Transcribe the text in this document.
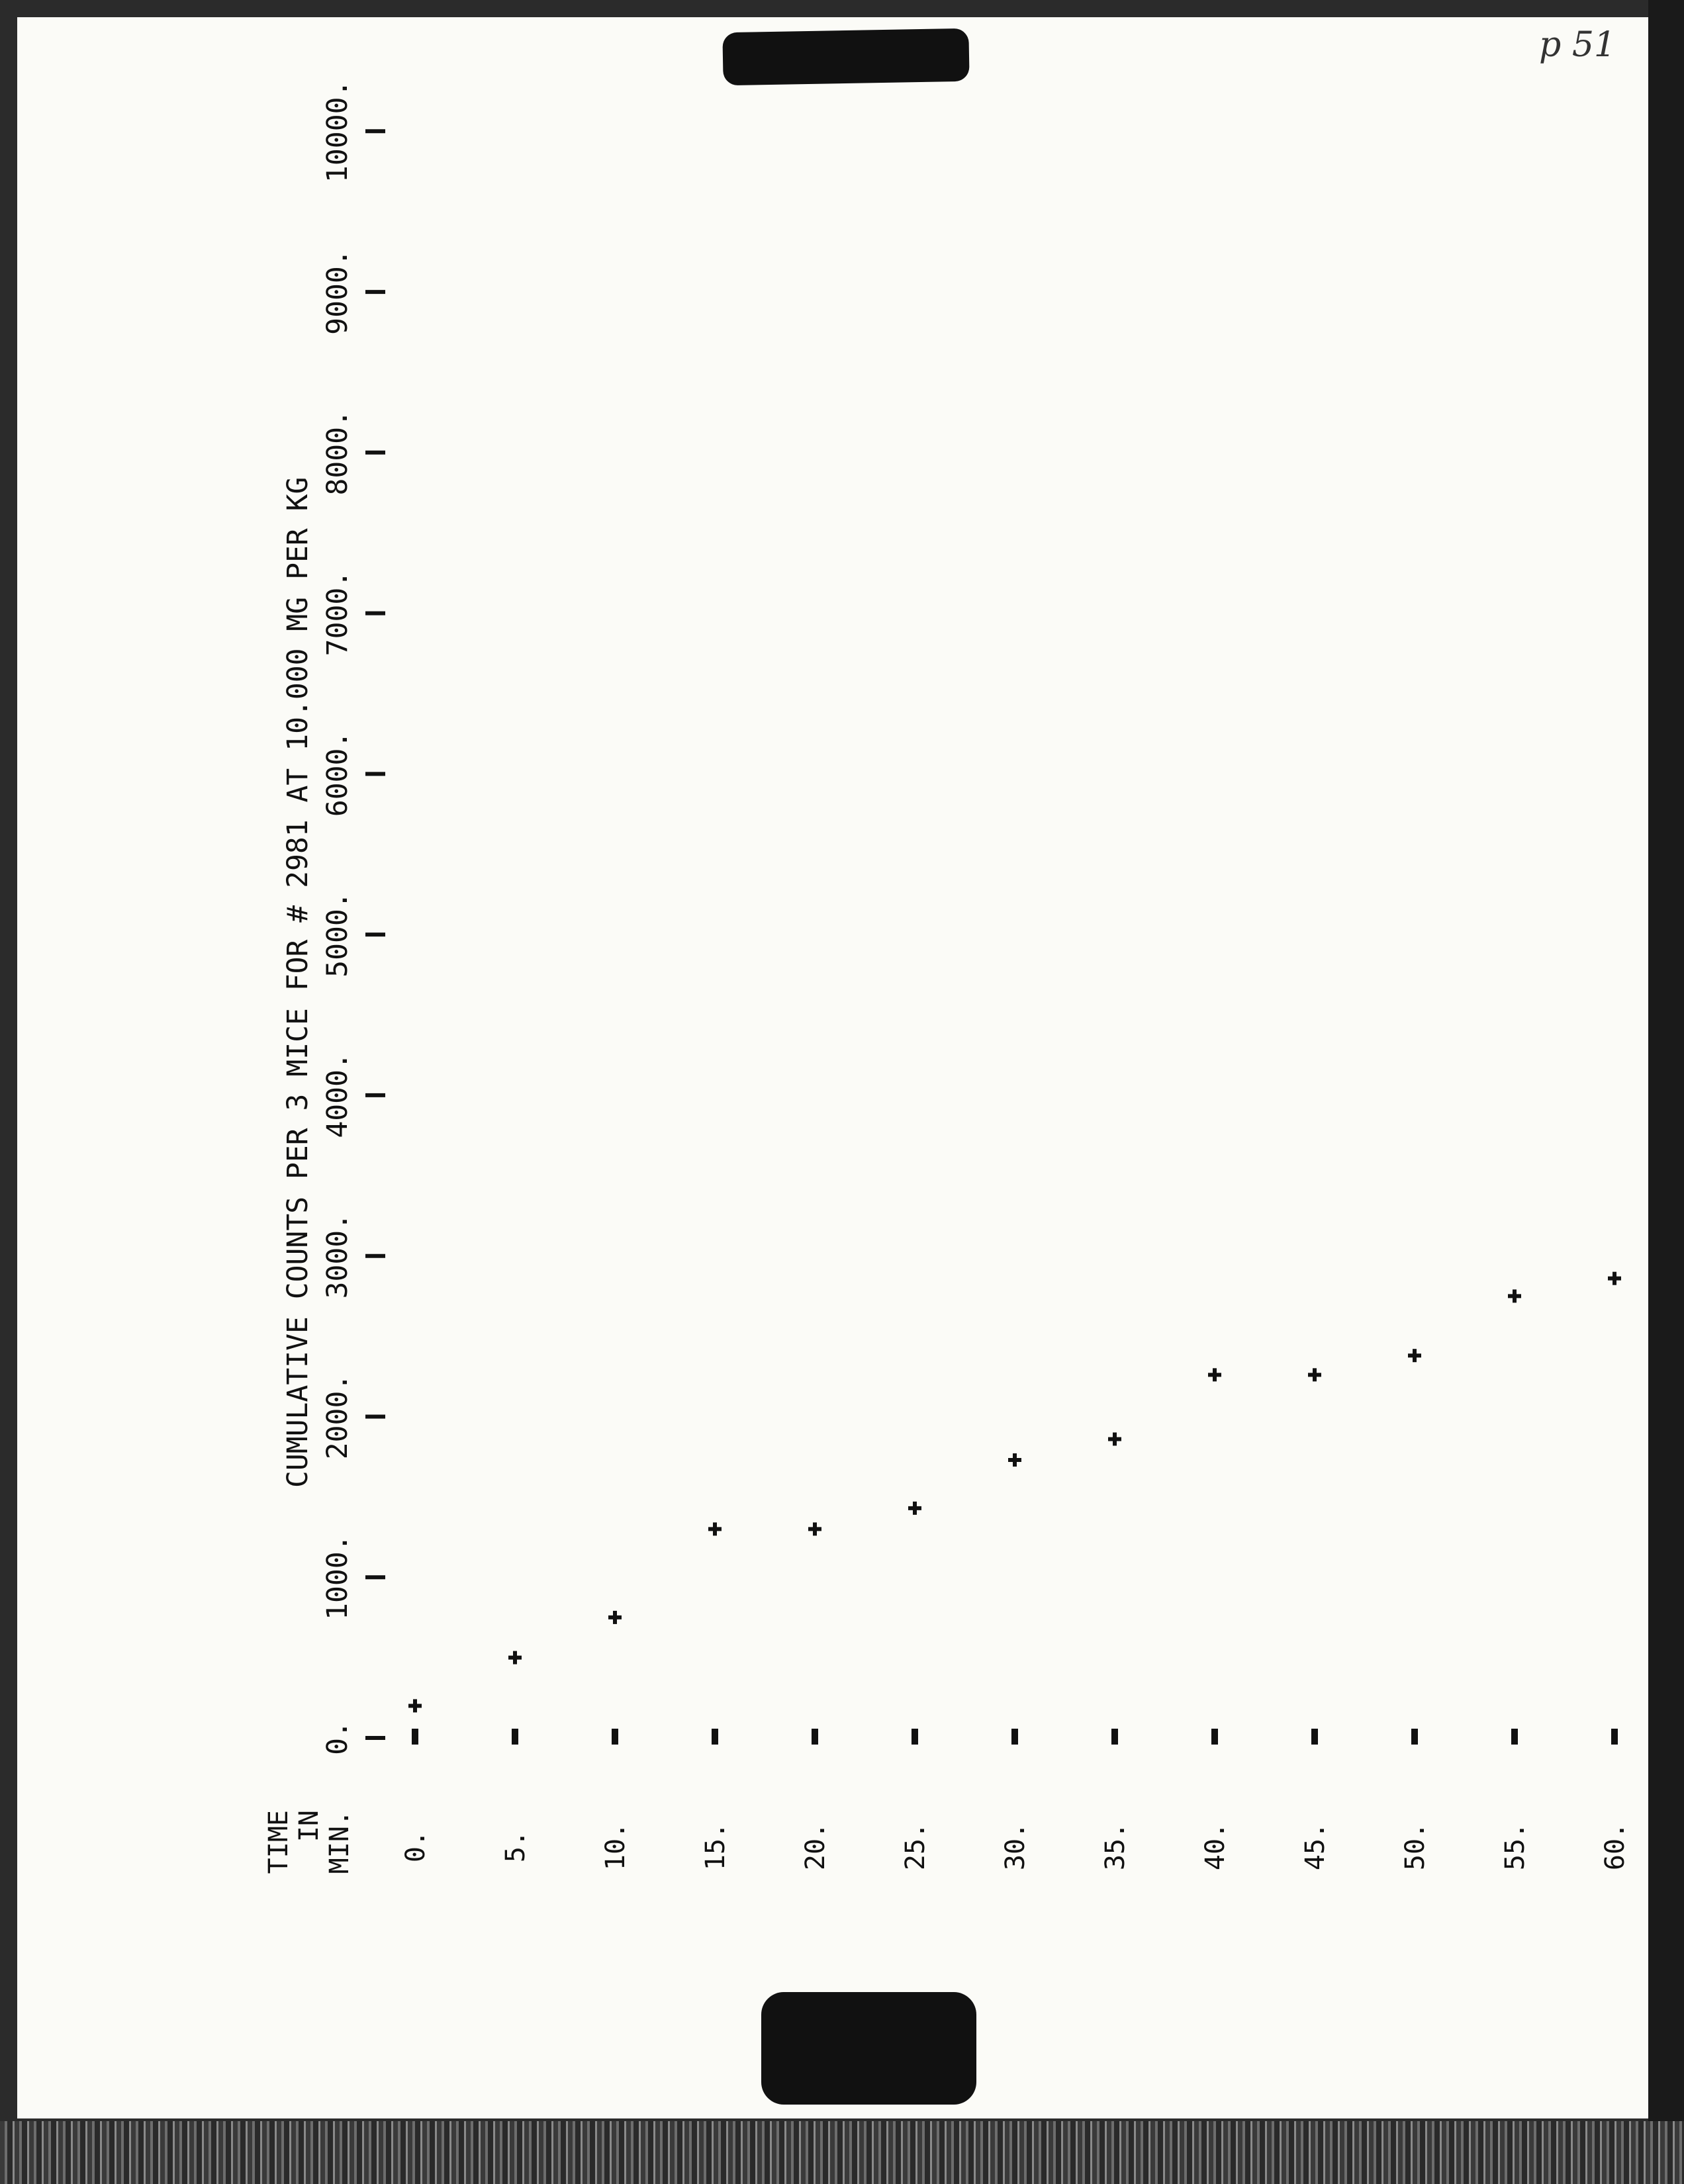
p 51
CUMULATIVE COUNTS PER 3 MICE FOR # 2981 AT 10.000 MG PER KG
TIME IN MIN.
0.
1000.
2000.
3000.
4000.
5000.
6000.
7000.
8000.
9000.
10000.
0.	5.	10.	15.	20.	25.	30.	35.	40.	45.	50.	55.	60.
